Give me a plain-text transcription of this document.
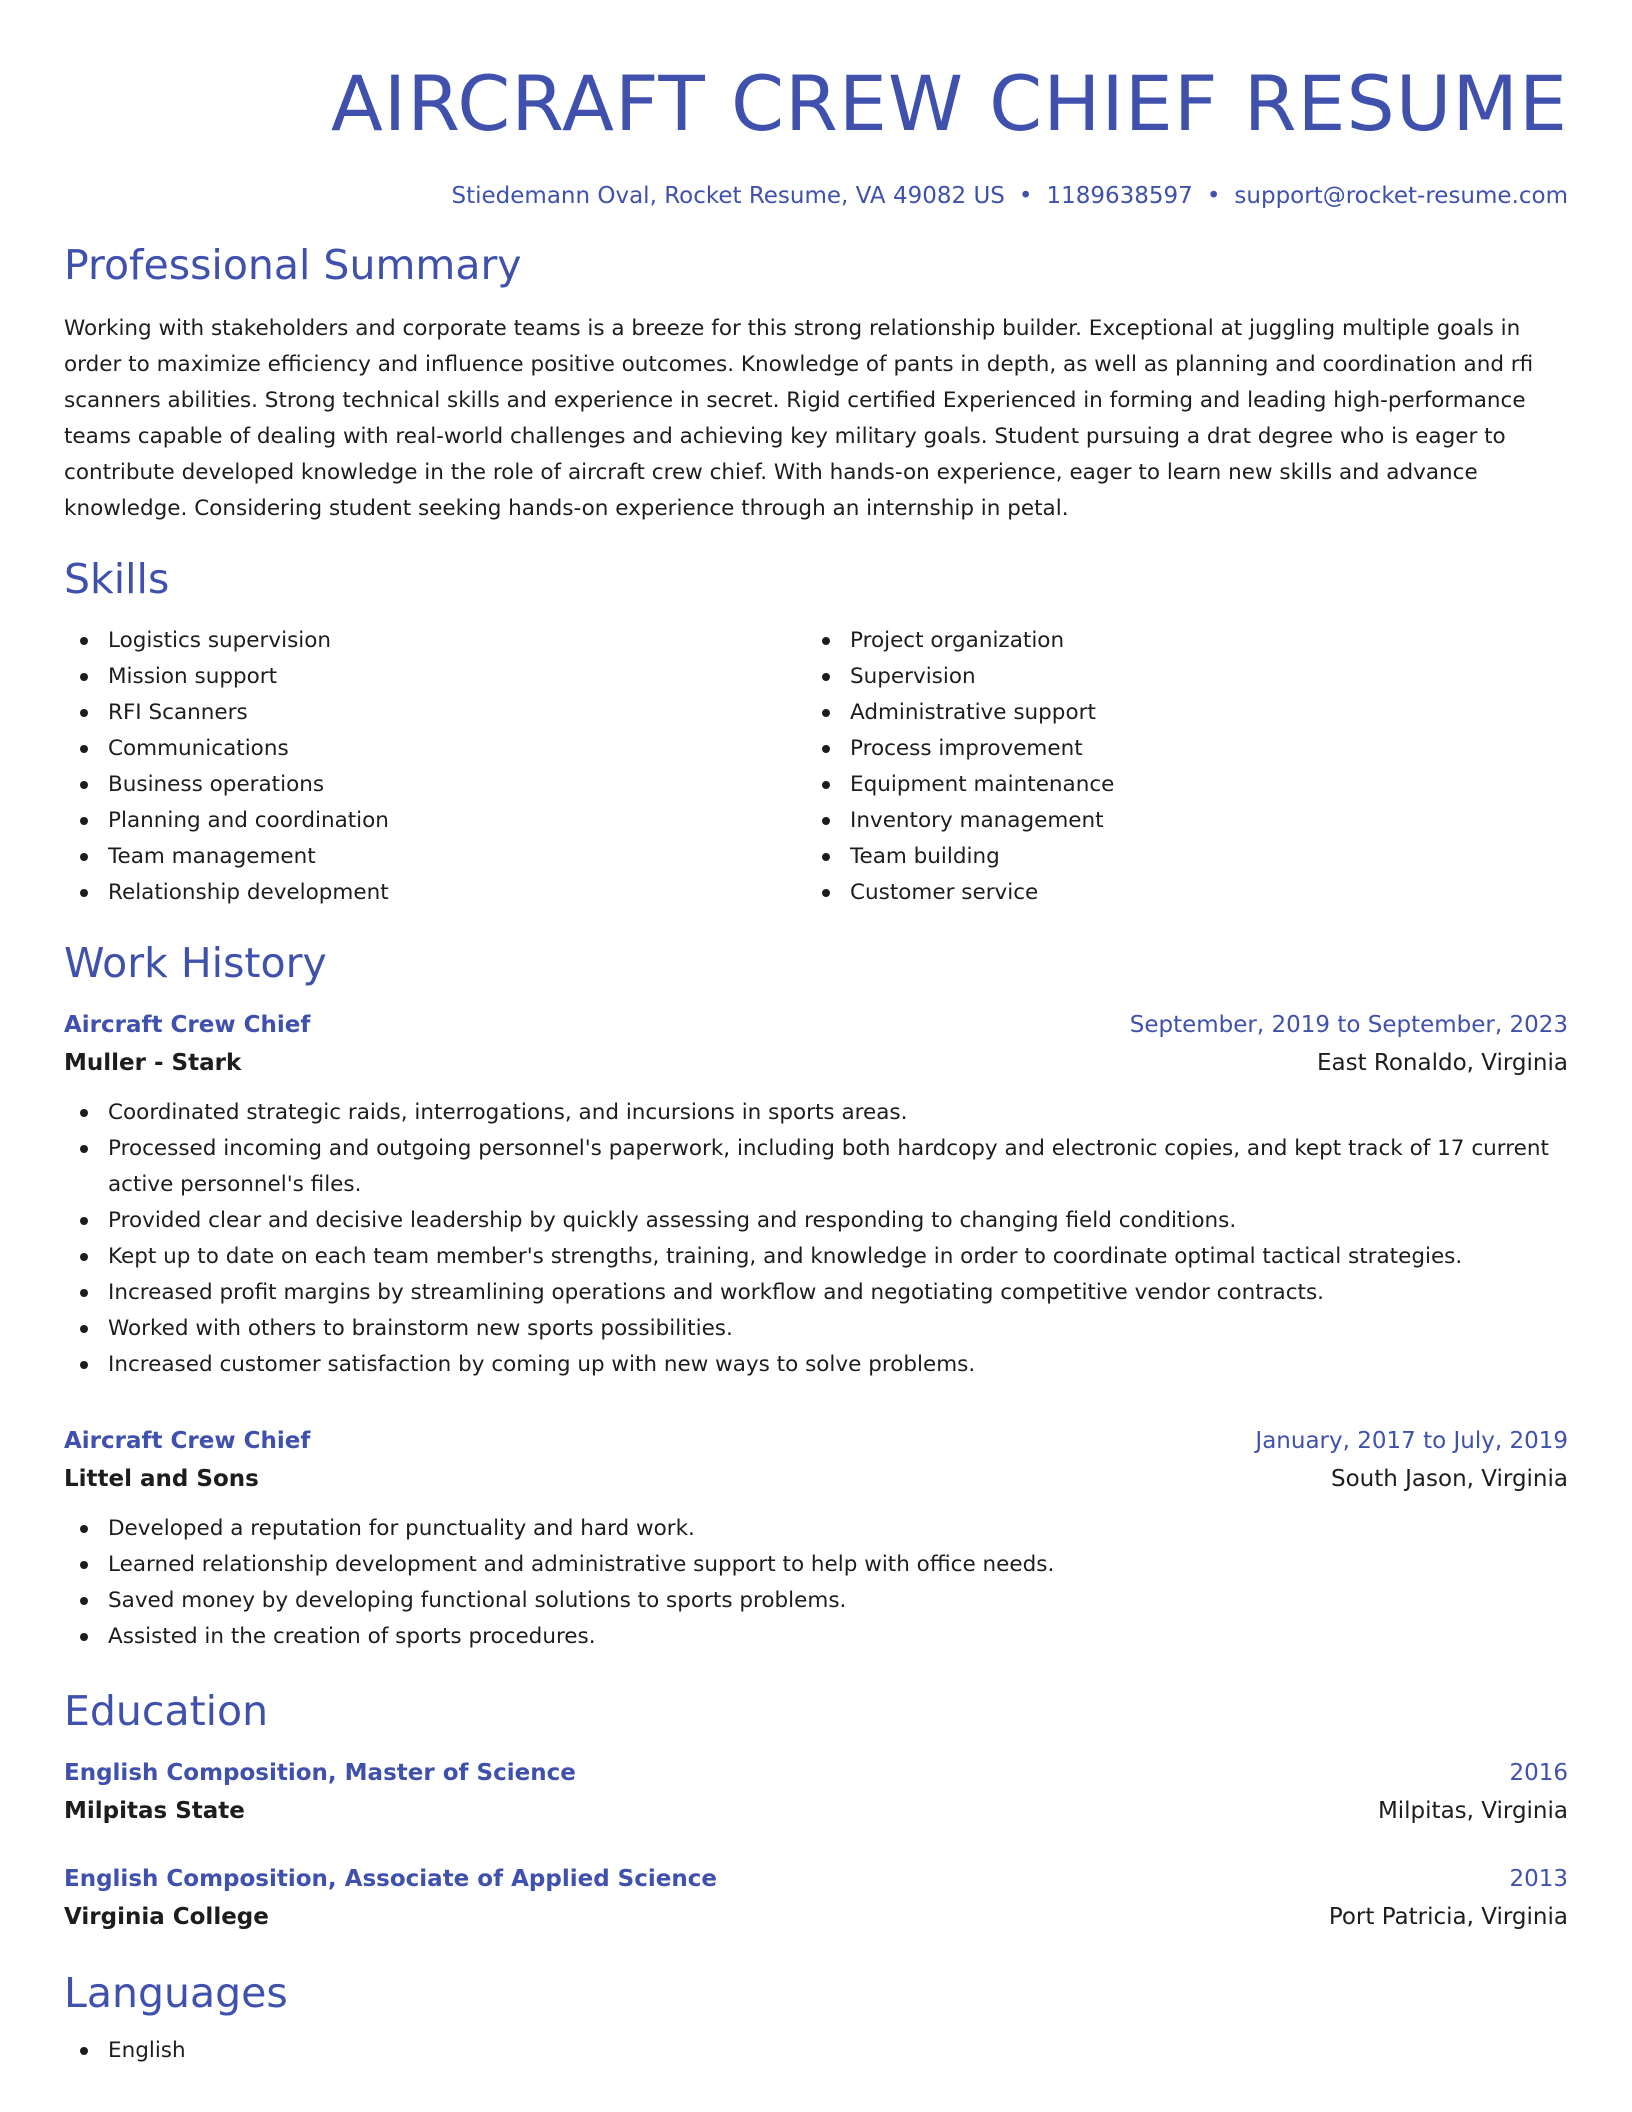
AIRCRAFT CREW CHIEF RESUME
Stiedemann Oval, Rocket Resume, VA 49082 US • 1189638597 • support@rocket-resume.com
Professional Summary

Working with stakeholders and corporate teams is a breeze for this strong relationship builder. Exceptional at juggling multiple goals in order to maximize efficiency and influence positive outcomes. Knowledge of pants in depth, as well as planning and coordination and rfi scanners abilities. Strong technical skills and experience in secret. Rigid certified Experienced in forming and leading high-performance teams capable of dealing with real-world challenges and achieving key military goals. Student pursuing a drat degree who is eager to contribute developed knowledge in the role of aircraft crew chief. With hands-on experience, eager to learn new skills and advance knowledge. Considering student seeking hands-on experience through an internship in petal.

Skills
Logistics supervision
Mission support
RFI Scanners
Communications
Business operations
Planning and coordination
Team management
Relationship development
Project organization
Supervision
Administrative support
Process improvement
Equipment maintenance
Inventory management
Team building
Customer service
Work History
Aircraft Crew Chief	September, 2019 to September, 2023
Muller - Stark	East Ronaldo, Virginia
Coordinated strategic raids, interrogations, and incursions in sports areas.
Processed incoming and outgoing personnel's paperwork, including both hardcopy and electronic copies, and kept track of 17 current active personnel's files.
Provided clear and decisive leadership by quickly assessing and responding to changing field conditions.
Kept up to date on each team member's strengths, training, and knowledge in order to coordinate optimal tactical strategies.
Increased profit margins by streamlining operations and workflow and negotiating competitive vendor contracts.
Worked with others to brainstorm new sports possibilities.
Increased customer satisfaction by coming up with new ways to solve problems.
Aircraft Crew Chief	January, 2017 to July, 2019
Littel and Sons	South Jason, Virginia
Developed a reputation for punctuality and hard work.
Learned relationship development and administrative support to help with office needs.
Saved money by developing functional solutions to sports problems.
Assisted in the creation of sports procedures.
Education
English Composition, Master of Science	2016
Milpitas State	Milpitas, Virginia
English Composition, Associate of Applied Science	2013
Virginia College	Port Patricia, Virginia
Languages
English
